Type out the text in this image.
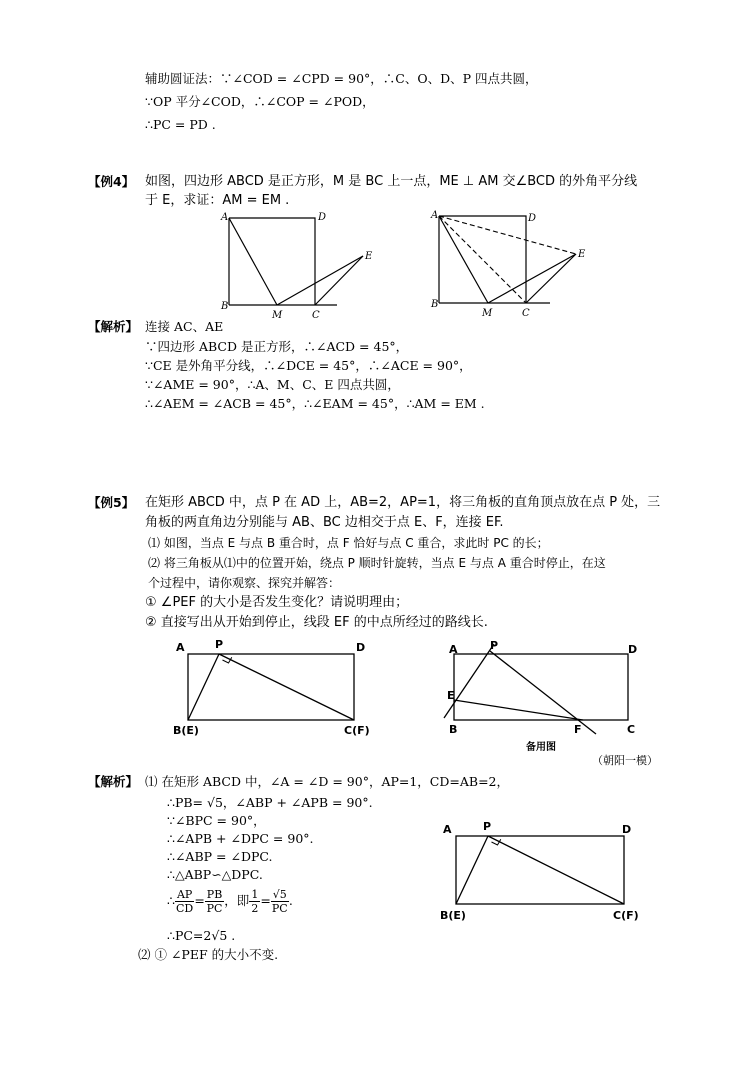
辅助圆证法：∵∠COD = ∠CPD = 90°，∴C、O、D、P 四点共圆，
∵OP 平分∠COD，∴∠COP = ∠POD，
∴PC = PD .
【例4】 如图，四边形 ABCD 是正方形，M 是 BC 上一点，ME ⊥ AM 交∠BCD 的外角平分线
于 E，求证：AM = EM .
A	D
B
M	C
E
A	D
B
M	C
E
【解析】 连接 AC、AE
∵四边形 ABCD 是正方形，∴∠ACD = 45°，
∵CE 是外角平分线，∴∠DCE = 45°，∴∠ACE = 90°，
∵∠AME = 90°，∴A、M、C、E 四点共圆，
∴∠AEM = ∠ACB = 45°，∴∠EAM = 45°，∴AM = EM .
【例5】 在矩形 ABCD 中，点 P 在 AD 上，AB=2，AP=1，将三角板的直角顶点放在点 P 处，三
角板的两直角边分别能与 AB、BC 边相交于点 E、F，连接 EF.
⑴ 如图，当点 E 与点 B 重合时，点 F 恰好与点 C 重合，求此时 PC 的长；
⑵ 将三角板从⑴中的位置开始，绕点 P 顺时针旋转，当点 E 与点 A 重合时停止，在这
个过程中，请你观察、探究并解答：
① ∠PEF 的大小是否发生变化？请说明理由；
② 直接写出从开始到停止，线段 EF 的中点所经过的路线长.
A	P	D
B(E)	C(F)
A	P	D
E
B	F	C
备用图
（朝阳一模）
【解析】 ⑴ 在矩形 ABCD 中，∠A = ∠D = 90°，AP=1，CD=AB=2，
∴PB= √5，∠ABP + ∠APB = 90°.
∵∠BPC = 90°，
∴∠APB + ∠DPC = 90°.
∴∠ABP = ∠DPC.
∴△ABP∽△DPC.
∴ $\frac{AP}{CD} = \frac{PB}{PC}$ ，即 $\frac{1}{2} = \frac{√5}{PC}$ .
∴PC=2√5 .
⑵ ① ∠PEF 的大小不变.
A	P	D
B(E)	C(F)
